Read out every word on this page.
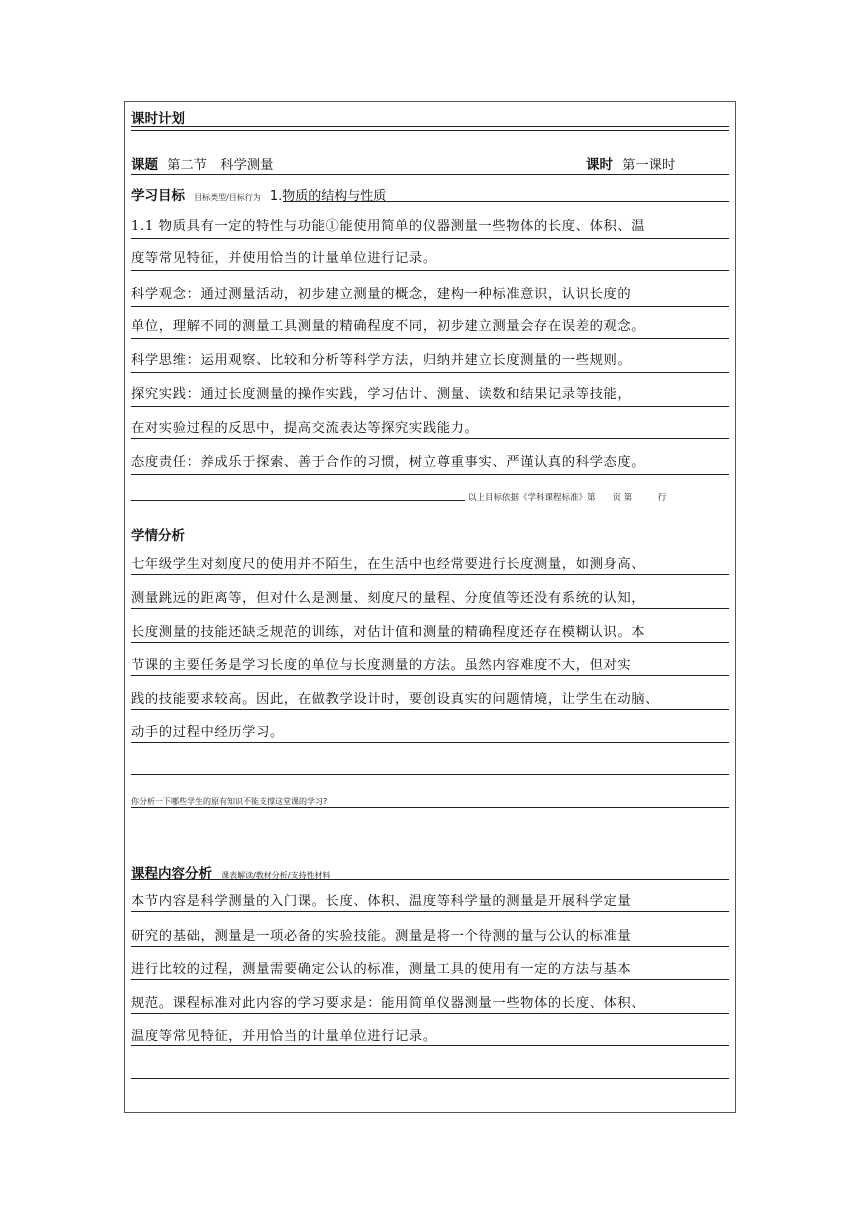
课时计划
课题 第二节　科学测量	课时 第一课时
学习目标 目标类型/目标行为 1.物质的结构与性质
1.1 物质具有一定的特性与功能①能使用简单的仪器测量一些物体的长度、体积、温
度等常见特征，并使用恰当的计量单位进行记录。
科学观念：通过测量活动，初步建立测量的概念，建构一种标准意识，认识长度的
单位，理解不同的测量工具测量的精确程度不同，初步建立测量会存在误差的观念。
科学思维：运用观察、比较和分析等科学方法，归纳并建立长度测量的一些规则。
探究实践：通过长度测量的操作实践，学习估计、测量、读数和结果记录等技能，
在对实验过程的反思中，提高交流表达等探究实践能力。
态度责任：养成乐于探索、善于合作的习惯，树立尊重事实、严谨认真的科学态度。
以上目标依据《学科课程标准》第　　页 第　　　行
学情分析
七年级学生对刻度尺的使用并不陌生，在生活中也经常要进行长度测量，如测身高、
测量跳远的距离等，但对什么是测量、刻度尺的量程、分度值等还没有系统的认知，
长度测量的技能还缺乏规范的训练，对估计值和测量的精确程度还存在模糊认识。本
节课的主要任务是学习长度的单位与长度测量的方法。虽然内容难度不大，但对实
践的技能要求较高。因此，在做教学设计时，要创设真实的问题情境，让学生在动脑、
动手的过程中经历学习。
你分析一下哪些学生的原有知识不能支撑这堂课的学习?
课程内容分析 课表解读/教材分析/支持性材料
本节内容是科学测量的入门课。长度、体积、温度等科学量的测量是开展科学定量
研究的基础，测量是一项必备的实验技能。测量是将一个待测的量与公认的标准量
进行比较的过程，测量需要确定公认的标准，测量工具的使用有一定的方法与基本
规范。课程标准对此内容的学习要求是：能用简单仪器测量一些物体的长度、体积、
温度等常见特征，并用恰当的计量单位进行记录。
